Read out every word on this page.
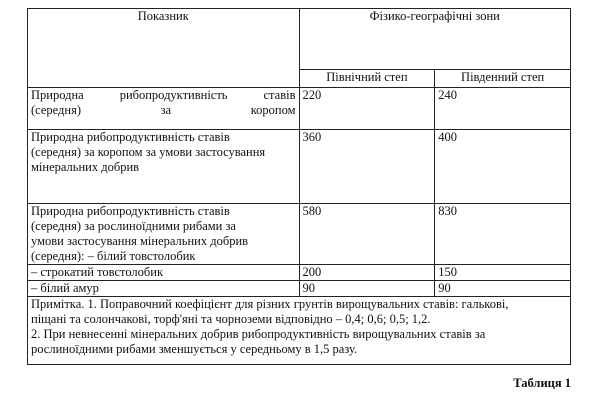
Показник	Фізико-географічні зони	
	Північний степ	Південний степ

Природна рибопродуктивність ставів
(середня) за коропом	220	240

Природна рибопродуктивність ставів
(середня) за коропом за умови застосування
мінеральних добрив	360	400

Природна рибопродуктивність ставів
(середня) за рослиноїдними рибами за
умови застосування мінеральних добрив
(середня): – білий товстолобик	580	830

– строкатий товстолобик	200	150

– білий амур	90	90

Примітка. 1. Поправочний коефіцієнт для різних грунтів вирощувальних ставів: галькові,
піщані та солончакові, торф'яні та чорноземи відповідно – 0,4; 0,6; 0,5; 1,2.
2. При невнесенні мінеральних добрив рибопродуктивність вирощувальних ставів за
рослиноїдними рибами зменшується у середньому в 1,5 разу.		
Таблиця 1
